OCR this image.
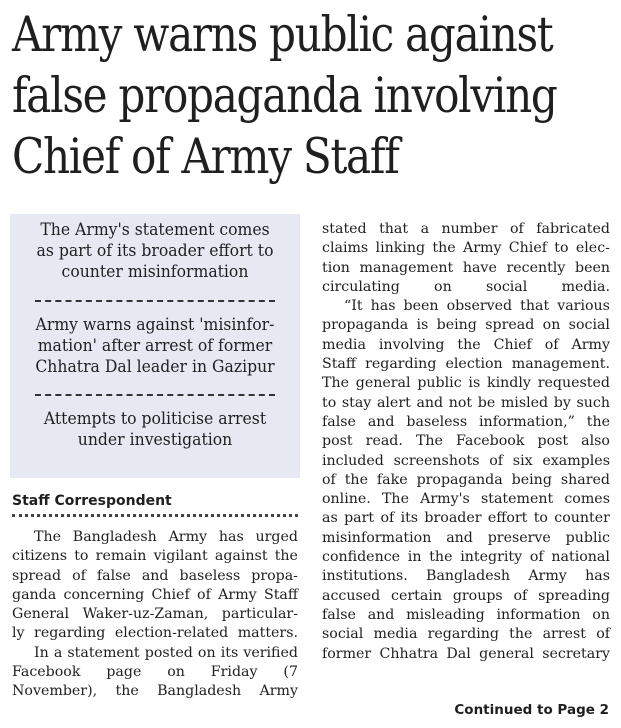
Army warns public against
false propaganda involving
Chief of Army Staff
The Army's statement comes
as part of its broader effort to
counter misinformation
Army warns against 'misinfor-
mation' after arrest of former
Chhatra Dal leader in Gazipur
Attempts to politicise arrest
under investigation
Staff Correspondent
The Bangladesh Army has urged
citizens to remain vigilant against the
spread of false and baseless propa-
ganda concerning Chief of Army Staff
General Waker-uz-Zaman, particular-
ly regarding election-related matters.
In a statement posted on its verified
Facebook page on Friday (7
November), the Bangladesh Army
stated that a number of fabricated
claims linking the Army Chief to elec-
tion management have recently been
circulating on social media.
“It has been observed that various
propaganda is being spread on social
media involving the Chief of Army
Staff regarding election management.
The general public is kindly requested
to stay alert and not be misled by such
false and baseless information,” the
post read. The Facebook post also
included screenshots of six examples
of the fake propaganda being shared
online. The Army's statement comes
as part of its broader effort to counter
misinformation and preserve public
confidence in the integrity of national
institutions. Bangladesh Army has
accused certain groups of spreading
false and misleading information on
social media regarding the arrest of
former Chhatra Dal general secretary
Continued to Page 2
